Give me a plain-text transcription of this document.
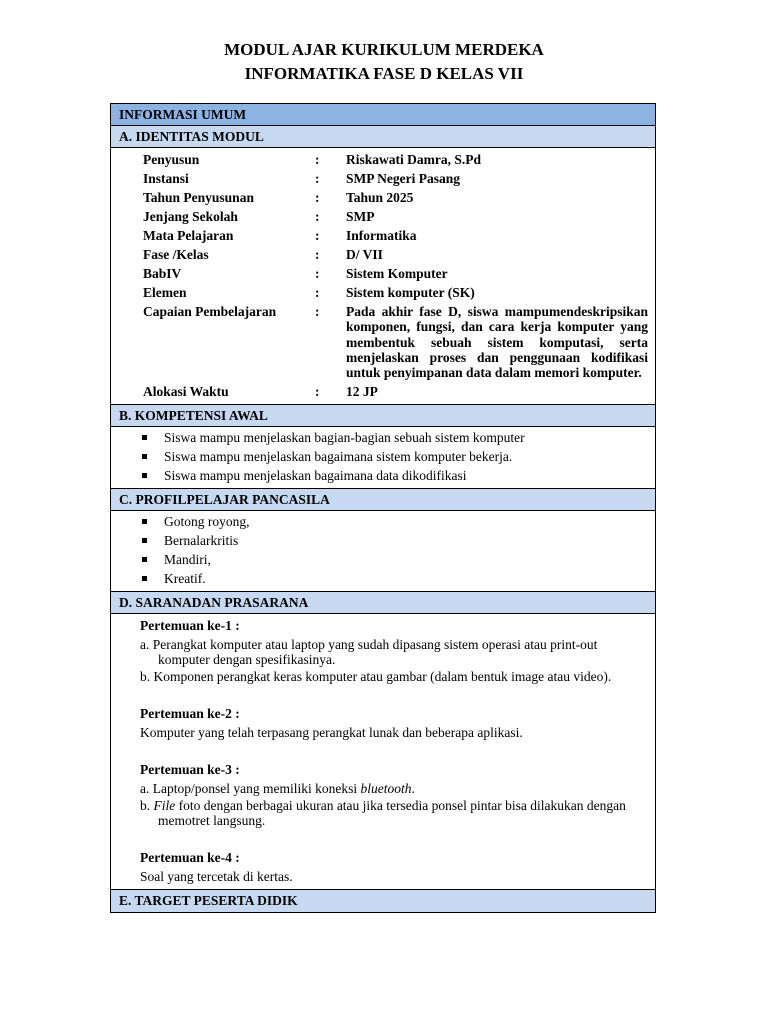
MODUL AJAR KURIKULUM MERDEKA
INFORMATIKA FASE D KELAS VII
INFORMASI UMUM
A. IDENTITAS MODUL
Penyusun	:	Riskawati Damra, S.Pd
Instansi	:	SMP Negeri Pasang
Tahun Penyusunan	:	Tahun 2025
Jenjang Sekolah	:	SMP
Mata Pelajaran	:	Informatika
Fase /Kelas	:	D/ VII
BabIV	:	Sistem Komputer
Elemen	:	Sistem komputer (SK)
Capaian Pembelajaran	:	Pada akhir fase D, siswa mampumendeskripsikan komponen, fungsi, dan cara kerja komputer yang membentuk sebuah sistem komputasi, serta menjelaskan proses dan penggunaan kodifikasi untuk penyimpanan data dalam memori komputer.
Alokasi Waktu	:	12 JP
B. KOMPETENSI AWAL
Siswa mampu menjelaskan bagian-bagian sebuah sistem komputer
Siswa mampu menjelaskan bagaimana sistem komputer bekerja.
Siswa mampu menjelaskan bagaimana data dikodifikasi
C. PROFILPELAJAR PANCASILA
Gotong royong,
Bernalarkritis
Mandiri,
Kreatif.
D. SARANADAN PRASARANA
Pertemuan ke-1 :
a. Perangkat komputer atau laptop yang sudah dipasang sistem operasi atau print-out komputer dengan spesifikasinya.
b. Komponen perangkat keras komputer atau gambar (dalam bentuk image atau video).
Pertemuan ke-2 :
Komputer yang telah terpasang perangkat lunak dan beberapa aplikasi.
Pertemuan ke-3 :
a. Laptop/ponsel yang memiliki koneksi bluetooth.
b. File foto dengan berbagai ukuran atau jika tersedia ponsel pintar bisa dilakukan dengan memotret langsung.
Pertemuan ke-4 :
Soal yang tercetak di kertas.
E. TARGET PESERTA DIDIK
